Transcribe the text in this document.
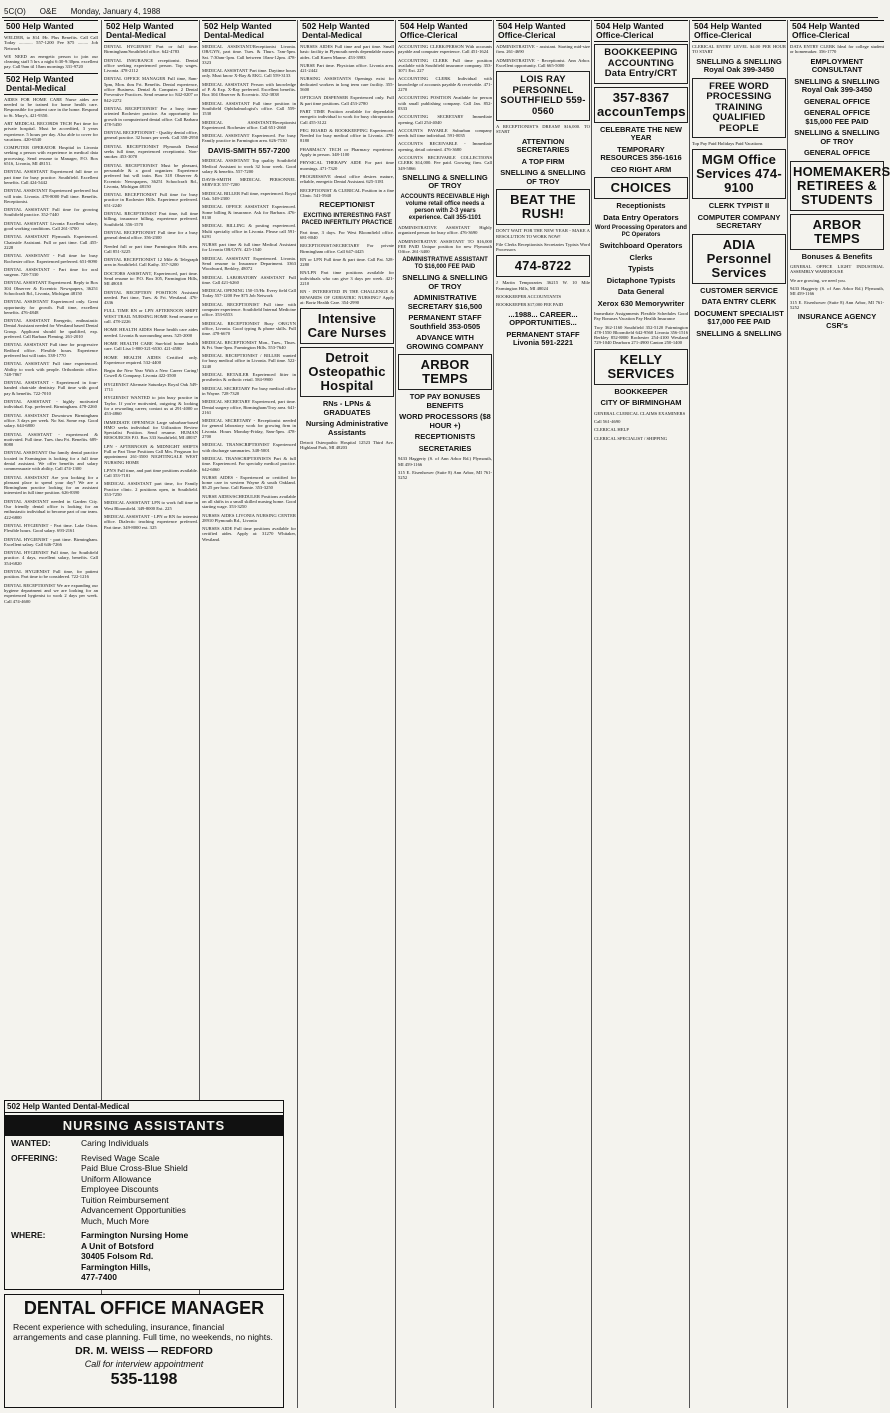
5C(O) O&E Monday, January 4, 1988
500 Help Wanted
WELDER, to $14 /Hr. Plus Benefits. Call Call Today ............ 557-1200 Fee $75 ......... Job Network
WE NEED an energetic person to join our cleaning staff 5 hrs a night 6:30-9:30pm. excellent pay. Call 9am til 10am mornings 331-9720
502 Help Wanted Dental-Medical
AIDES FOR HOME CARE Nurse aides are needed to be trained for home health care. Responsible for patient care in the home. Respond to St. Mary's, 421-9350.
ART MEDICAL RECORDS TECH Part time for private hospital. Must be accredited, 3 years experience. 5 hours per day. Also able to cover for vacations. 420-6540
COMPUTER OPERATOR Hospital in Livonia seeking a person with experience in medical data processing. Send resume to Manager, P.O. Box 6516, Livonia, MI 48151.
DENTAL ASSISTANT Experienced full time or part time for busy practice. Southfield. Excellent benefits. Call 424-5442
DENTAL ASSISTANT Experienced preferred but will train. Livonia. 478-8000 Full time. Benefits. Receptionist.
DENTAL ASSISTANT Full time for growing Southfield practice. 352-7440
DENTAL ASSISTANT Livonia Excellent salary, good working conditions. Call 261-3700
DENTAL ASSISTANT Plymouth. Experienced. Chairside Assistant. Full or part time. Call 455-2228
DENTAL ASSISTANT - Full time for busy Rochester office. Experienced preferred. 651-8090
DENTAL ASSISTANT - Part time for oral surgeon. 728-7330
DENTAL ASSISTANT Experienced. Reply to Box 304 Observer & Eccentric Newspapers, 36251 Schoolcraft Rd., Livonia, Michigan 48150
DENTAL ASSISTANT Experienced only. Great opportunity for growth. Full time, excellent benefits. 476-4848
DENTAL ASSISTANT Energetic, enthusiastic Dental Assistant needed for Westland based Dental Group. Applicant should be qualified, exp. preferred. Call Barbara Fleming. 261-2010
DENTAL ASSISTANT Full time for progressive Redford office. Flexible hours. Experience preferred but will train. 538-1770
DENTAL ASSISTANT Full time experienced. Ability to work with people. Orthodontic office. 748-7867
DENTAL ASSISTANT - Experienced in four-handed chairside dentistry. Full time with good pay & benefits. 722-7010
DENTAL ASSISTANT - highly motivated individual. Exp. preferred. Birmingham. 478-2260
DENTAL ASSISTANT Downtown Birmingham office. 3 days per week. No Sat. Some exp. Good salary. 644-6800
DENTAL ASSISTANT - experienced & motivated. Full time. Tues. thru Fri. Benefits. 689-8080
DENTAL ASSISTANT Our family dental practice located in Farmington is looking for a full time dental assistant. We offer benefits and salary commensurate with ability. Call 474-1300
DENTAL ASSISTANT Are you looking for a pleasant place to spend your day? We are a Birmingham practice looking for an assistant interested in full time position. 626-8390
DENTAL ASSISTANT needed in Garden City. Our friendly dental office is looking for an enthusiastic individual to become part of our team. 422-6800
DENTAL HYGIENIST - Part time. Lake Orion. Flexible hours. Good salary. 693-2161
DENTAL HYGIENIST - part time. Birmingham. Excellent salary. Call 646-7266
DENTAL HYGIENIST Full time, for Southfield practice. 4 days, excellent salary, benefits. Call 354-6820
DENTAL HYGIENIST Full time, for patient position. Part time to be considered. 722-1216
DENTAL RECEPTIONIST We are expanding our hygiene department and we are looking for an experienced hygienist to work 2 days per week. Call 474-4600
502 Help Wanted Dental-Medical
DENTAL HYGIENIST Part or full time. Birmingham/Southfield office. 642-4783
DENTAL INSURANCE receptionist. Dental office seeking experienced person. Top wages. Livonia. 478-2112
DENTAL OFFICE MANAGER Full time, 8am-5pm, Mon. thru Fri. Benefits. Dental experience, office Business. Dental & Computer. 2 Dental Preventive Practices. Send resume to: 842-0207 or 842-2272
DENTAL RECEPTIONIST For a busy team-oriented Rochester practice. An opportunity for growth in computerized dental office. Call Barbara 478-5450
DENTAL RECEPTIONIST - Quality dental office, general practice. 32 hours per week. Call 358-2950
DENTAL RECEPTIONIST Plymouth Dental seeks full time, experienced receptionist. Non-smoker. 453-3070
DENTAL RECEPTIONIST Must be pleasant, personable & a good organizer. Experience preferred but will train. Box 318 Observer & Eccentric Newspapers, 36251 Schoolcraft Rd., Livonia, Michigan 48150
DENTAL RECEPTIONIST Full time for busy practice in Rochester Hills. Experience preferred. 651-2240
DENTAL RECEPTIONIST Part time, full time billing, insurance billing, experience preferred. Southfield. 356-1570
DENTAL RECEPTIONIST Full time for a busy general dental office. 356-2300
Needed full or part time Farmington Hills area. Call 851-3225
DENTAL RECEPTIONIST 12 Mile & Telegraph area in Southfield. Call Kathy. 357-3200
DOCTORS ASSISTANT, Experienced, part time. Send resume to: P.O. Box 305, Farmington Hills, MI 48018
DENTAL RECEPTION POSITION Assistant needed. Part time, Tues. & Fri. Westland. 476-4336
FULL TIME RN or LPN AFTERNOON SHIFT WEST TRAIL NURSING HOME Send resume or call. 478-2226
HOME HEALTH AIDES Home health care aides needed. Livonia & surrounding areas. 525-2000
HOME HEALTH CARE Sun-bird home health care. Call Lisa 1-800-321-6530. 421-4580
HOME HEALTH AIDES Certified only. Experience required. 532-4400
Begin the New Year With a New Career Caring! Cowell & Company. Livonia 422-3500
HYGIENIST Alternate Saturdays Royal Oak 549-1711
HYGIENIST WANTED to join busy practice in Taylor. If you're motivated, outgoing & looking for a rewarding career, contact us at 291-4000 or 453-4860
IMMEDIATE OPENINGS Large suburban-based HMO seeks individual for Utilization Review Specialist Position. Send resume. HUMAN RESOURCES P.O. Box 333 Southfield, MI 48037
LPN - AFTERNOON & MIDNIGHT SHIFTS Full or Part Time Positions Call Mrs. Ferguson for appointment 261-3500 NIGHTINGALE WEST NURSING HOME
LPN'S Full time, and part time positions available. Call 353-7181
MEDICAL ASSISTANT part time, for Family Practice clinic. 2 positions open, in Southfield. 353-7250
MEDICAL ASSISTANT LPN to work full time in West Bloomfield. 349-8000 Ext. 225
MEDICAL ASSISTANT - LPN or RN for internist office. Dialectic teaching experience preferred. Part time. 349-8000 ext. 325
502 Help Wanted Dental-Medical
MEDICAL ASSISTANT/Receptionist Livonia. OB/GYN, part time. Tues. & Thurs. 7am-5pm. Sat. 7:30am-1pm. Call between 10am-12pm. 478-3323
MEDICAL ASSISTANT Part time. Daytime hours only. Must know X-Ray & EKG. Call 559-3133
MEDICAL ASSISTANT Person with knowledge of P. & Exp. X-Ray preferred. Excellent benefits. Box 304 Observer & Eccentric. 352-3838
MEDICAL ASSISTANT Full time position in Southfield Ophthalmologist's office. Call 559-1530
MEDICAL ASSISTANT/Receptionist Experienced. Rochester office. Call 651-2660
MEDICAL ASSISTANT Experienced. For busy Family practice in Farmington area. 626-7530
DAVIS-SMITH 557-7200
MEDICAL ASSISTANT Top quality Southfield Medical Assistant to work 32 hour week. Good salary & benefits. 557-7200
DAVIS-SMITH MEDICAL PERSONNEL SERVICE 557-7200
MEDICAL BILLER Full time, experienced. Royal Oak. 549-2300
MEDICAL OFFICE ASSISTANT Experienced. Some billing & insurance. Ask for Barbara. 476-8130
MEDICAL BILLING & posting experienced. Multi specialty office in Livonia. Please call 591-6291
NURSE part time & full time Medical Assistant for Livonia OB/GYN. 425-1540
MEDICAL ASSISTANT Experienced. Livonia. Send resume to Insurance Department. 3363 Woodward, Berkley, 48072
MEDICAL LABORATORY ASSISTANT Full time. Call 421-6260
MEDICAL OPENING 150-15/Hr. Every field Call Today 557-1200 Fee $75 Job Network
MEDICAL RECEPTIONIST Full time with computer experience. Southfield Internal Medicine office. 353-6553
MEDICAL RECEPTIONIST Busy OB/GYN office, Livonia. Good typing & phone skills. Full time. 478-6670
MEDICAL RECEPTIONIST Mon., Tues., Thurs. & Fri. 9am-3pm. Farmington Hills. 553-7640
MEDICAL RECEPTIONIST / BILLER wanted for busy medical office in Livonia. Full time. 522-3240
MEDICAL RETAILER Experienced fitter in prosthetics & orthotic retail. 584-9900
MEDICAL SECRETARY For busy medical office in Wayne. 728-7320
MEDICAL SECRETARY Experienced, part time. Dental surgery office, Birmingham/Troy area. 641-2161
MEDICAL SECRETARY - Receptionist needed for general laboratory work for growing firm in Livonia. Hours Monday-Friday, 8am-5pm. 478-2700
MEDICAL TRANSCRIPTIONIST Experienced with discharge summaries. 348-5001
MEDICAL TRANSCRIPTIONISTS Part & full time. Experienced. For specialty medical practice. 642-6060
NURSE AIDES - Experienced or certified for home care in western Wayne & south Oakland. $5.25 per hour. Call Bonnie. 353-3250
NURSE AIDES/SCHEDULER Positions available on all shifts in a small skilled nursing home. Good starting wage. 353-3250
NURSES AIDES LIVONIA NURSING CENTER 28910 Plymouth Rd., Livonia
NURSES AIDE Full time positions available for certified aides. Apply at: 31270 Whitaker, Westland.
502 Help Wanted Dental-Medical
NURSES AIDES Full time and part time. Small basic facility in Plymouth needs dependable nurses aides. Call Karen Manne. 453-3983
NURSE Part time. Physician office. Livonia area. 421-2442
NURSING ASSISTANTS Openings exist for dedicated workers in long term care facility. 355-5600
OPTICIAN DISPENSER Experienced only. Full & part time positions. Call 453-2780
PART TIME Position available for dependable energetic individual to work for busy chiropractor. Call 455-3122
PEG BOARD & BOOKKEEPING Experienced. Needed for busy medical office in Livonia. 478-8180
PHARMACY TECH or Pharmacy experience. Apply in person. 348-1100
PHYSICAL THERAPY AIDE For part time mornings. 471-7320
PROGRESSIVE dental office desires mature, reliable, energetic Dental Assistant. 625-3181
RECEPTIONIST & CLERICAL Position in a fine Clinic. 541-5940
RECEPTIONIST
EXCITING INTERESTING FAST PACED INFERTILITY PRACTICE
Part time, 3 days. For West Bloomfield office. 681-8040
RECEPTIONIST/SECRETARY For private Birmingham office. Call 647-4425
RN or LPN Full time & part time. Call Pat. 528-2280
RN/LPN Part time positions available for individuals who can give 3 days per week. 421-2210
RN - INTERESTED IN THE CHALLENGE & REWARDS OF GERIATRIC NURSING? Apply at: Bortz Health Care. 354-2990
Intensive Care Nurses
Detroit Osteopathic Hospital
RNs - LPNs & GRADUATES
Nursing Administrative Assistants
Detroit Osteopathic Hospital 12523 Third Ave. Highland Park, MI 48203
504 Help Wanted Office-Clerical
ACCOUNTING CLERK/PERSON With accounts payable and computer experience. Call 451-1624
ACCOUNTING CLERK Full time position available with Southfield insurance company. 353-3071 Ext. 227
ACCOUNTING CLERK Individual with knowledge of accounts payable & receivable. 471-2270
ACCOUNTING POSITION Available for person with small publishing company. Call Jan. 852-0333
ACCOUNTING SECRETARY Immediate opening. Call 254-4040
ACCOUNTS PAYABLE Suburban company needs full time individual. 591-0035
ACCOUNTS RECEIVABLE - Immediate opening, detail oriented. 476-3680
ACCOUNTS RECEIVABLE COLLECTIONS CLERK $14,000. Fee paid. Growing firm. Call 349-5866
SNELLING & SNELLING OF TROY
ACCOUNTS RECEIVABLE High volume retail office needs a person with 2-3 years experience. Call 355-1101
ADMINISTRATIVE ASSISTANT Highly organized person for busy office. 476-3690
ADMINISTRATIVE ASSISTANT TO $16,000 FEE PAID Unique position for new Plymouth Office. 261-3400
ADMINISTRATIVE ASSISTANT TO $16,000 FEE PAID
SNELLING & SNELLING OF TROY
ADMINISTRATIVE SECRETARY $16,500
PERMANENT STAFF Southfield 353-0505
ADVANCE WITH GROWING COMPANY
ARBOR TEMPS
TOP PAY BONUSES BENEFITS
WORD PROCESSORS ($8 HOUR +)
RECEPTIONISTS
SECRETARIES
9433 Haggerty (S. of Ann Arbor Rd.) Plymouth, MI 459-1166
315 E. Eisenhower (Suite 8) Ann Arbor, MI 761-5252
504 Help Wanted Office-Clerical
ADMINISTRATIVE - assistant. Starting mid-size firm. 261-4690
ADMINISTRATIVE - Receptionist. Ann Arbor. Excellent opportunity. Call 665-5000
LOIS RAY PERSONNEL SOUTHFIELD 559-0560
A RECEPTIONIST'S DREAM! $16,000. TO START
ATTENTION SECRETARIES
A TOP FIRM
SNELLING & SNELLING OF TROY
BEAT THE RUSH!
DON'T WAIT FOR THE NEW YEAR - MAKE A RESOLUTION TO WORK NOW!
File Clerks Receptionists Secretaries Typists Word Processors
474-8722
J Martin Temporaries 36215 W. 10 Mile Farmington Hills, MI 48024
BOOKKEEPER ACCOUNTANTS
BOOKKEEPER $17,000 FEE PAID
...1988... CAREER... OPPORTUNITIES...
PERMANENT STAFF Livonia 591-2221
504 Help Wanted Office-Clerical
BOOKKEEPING ACCOUNTING Data Entry/CRT
357-8367 accounTemps
CELEBRATE THE NEW YEAR
TEMPORARY RESOURCES 356-1616
CEO RIGHT ARM
CHOICES
Receptionists
Data Entry Operators
Word Processing Operators and PC Operators
Switchboard Operators
Clerks
Typists
Dictaphone Typists
Data General
Xerox 630 Memorywriter
Immediate Assignments Flexible Schedules Good Pay Bonuses Vacation Pay Health Insurance
Troy 362-1160 Southfield 352-5120 Fairmington 478-1550 Bloomfield 642-9560 Livonia 356-1516 Berkley 852-8800 Rochester 254-4100 Westland 729-1040 Dearborn 271-4900 Canton 250-1400
KELLY SERVICES
BOOKKEEPER
CITY OF BIRMINGHAM
GENERAL CLERICAL CLAIMS EXAMINERS
Call 561-4690
CLERICAL HELP
CLERICAL SPECIALIST / SHIPPING
504 Help Wanted Office-Clerical
CLERICAL ENTRY LEVEL $4.00 PER HOUR TO START
SNELLING & SNELLING Royal Oak 399-3450
FREE WORD PROCESSING TRAINING QUALIFIED PEOPLE
Top Pay Paid Holidays Paid Vacations
MGM Office Services 474-9100
CLERK TYPIST II
COMPUTER COMPANY SECRETARY
ADIA Personnel Services
CUSTOMER SERVICE
DATA ENTRY CLERK
DOCUMENT SPECIALIST $17,000 FEE PAID
SNELLING & SNELLING
504 Help Wanted Office-Clerical
DATA ENTRY CLERK Ideal for college student or homemaker. 356-1770
EMPLOYMENT CONSULTANT
SNELLING & SNELLING Royal Oak 399-3450
GENERAL OFFICE
GENERAL OFFICE $15,000 FEE PAID
SNELLING & SNELLING OF TROY
GENERAL OFFICE
HOMEMAKERS RETIREES & STUDENTS
ARBOR TEMPS
Bonuses & Benefits
GENERAL OFFICE LIGHT INDUSTRIAL ASSEMBLY WAREHOUSE
We are growing, we need you.
9433 Haggerty (S. of Ann Arbor Rd.) Plymouth, MI 459-1166
315 E. Eisenhower (Suite 8) Ann Arbor, MI 761-5252
INSURANCE AGENCY CSR's
502 Help Wanted Dental-Medical
NURSING ASSISTANTS
WANTED:	Caring Individuals
OFFERING:	Revised Wage Scale
Paid Blue Cross-Blue Shield
Uniform Allowance
Employee Discounts
Tuition Reimbursement
Advancement Opportunities
Much, Much More
WHERE:	Farmington Nursing Home
A Unit of Botsford
30405 Folsom Rd.
Farmington Hills,
477-7400
DENTAL OFFICE MANAGER
Recent experience with scheduling, insurance, financial arrangements and case planning. Full time, no weekends, no nights.
DR. M. WEISS — REDFORD
Call for interview appointment
535-1198
